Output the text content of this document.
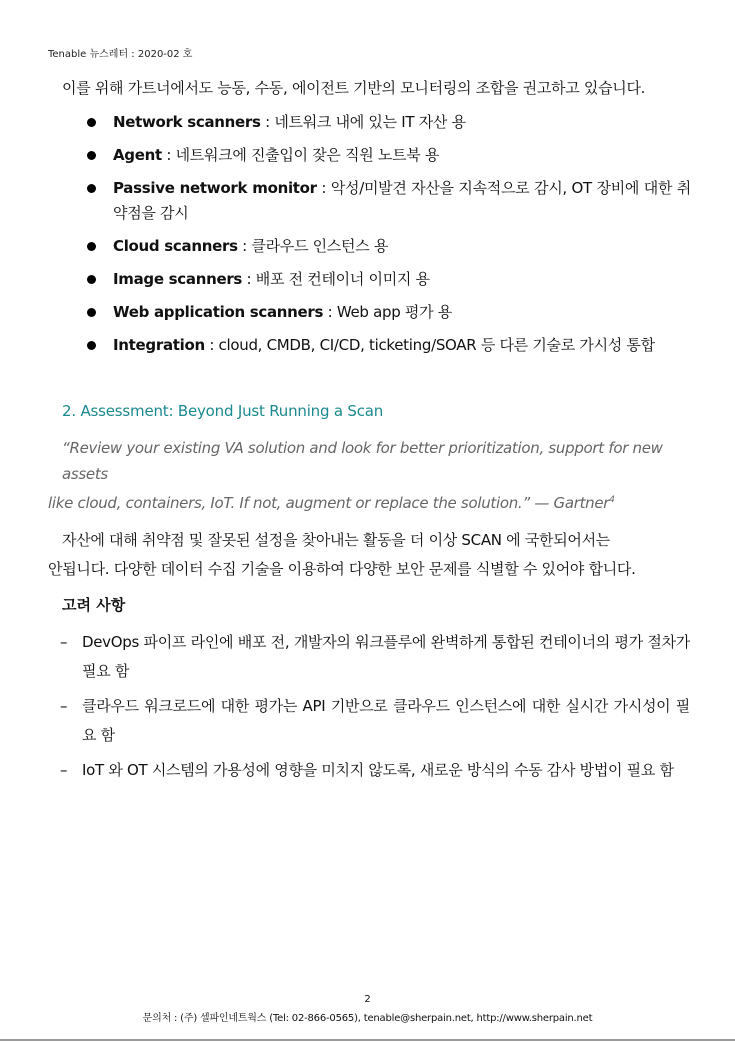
Tenable 뉴스레터 : 2020-02 호
이를 위해 가트너에서도 능동, 수동, 에이전트 기반의 모니터링의 조합을 권고하고 있습니다.
Network scanners : 네트워크 내에 있는 IT 자산 용
Agent : 네트워크에 진출입이 잦은 직원 노트북 용
Passive network monitor : 악성/미발견 자산을 지속적으로 감시, OT 장비에 대한 취약점을 감시
Cloud scanners : 클라우드 인스턴스 용
Image scanners : 배포 전 컨테이너 이미지 용
Web application scanners : Web app 평가 용
Integration : cloud, CMDB, CI/CD, ticketing/SOAR 등 다른 기술로 가시성 통합
2. Assessment: Beyond Just Running a Scan
“Review your existing VA solution and look for better prioritization, support for new assets
like cloud, containers, IoT. If not, augment or replace the solution.” — Gartner$^4$
자산에 대해 취약점 및 잘못된 설정을 찾아내는 활동을 더 이상 SCAN 에 국한되어서는
안됩니다. 다양한 데이터 수집 기술을 이용하여 다양한 보안 문제를 식별할 수 있어야 합니다.
고려 사항
– DevOps 파이프 라인에 배포 전, 개발자의 워크플루에 완벽하게 통합된 컨테이너의 평가 절차가 필요 함
– 클라우드 워크로드에 대한 평가는 API 기반으로 클라우드 인스턴스에 대한 실시간 가시성이 필요 함
– IoT 와 OT 시스템의 가용성에 영향을 미치지 않도록, 새로운 방식의 수동 감사 방법이 필요 함
2
문의처 : (주) 셀파인네트웍스 (Tel: 02-866-0565), tenable@sherpain.net, http://www.sherpain.net
